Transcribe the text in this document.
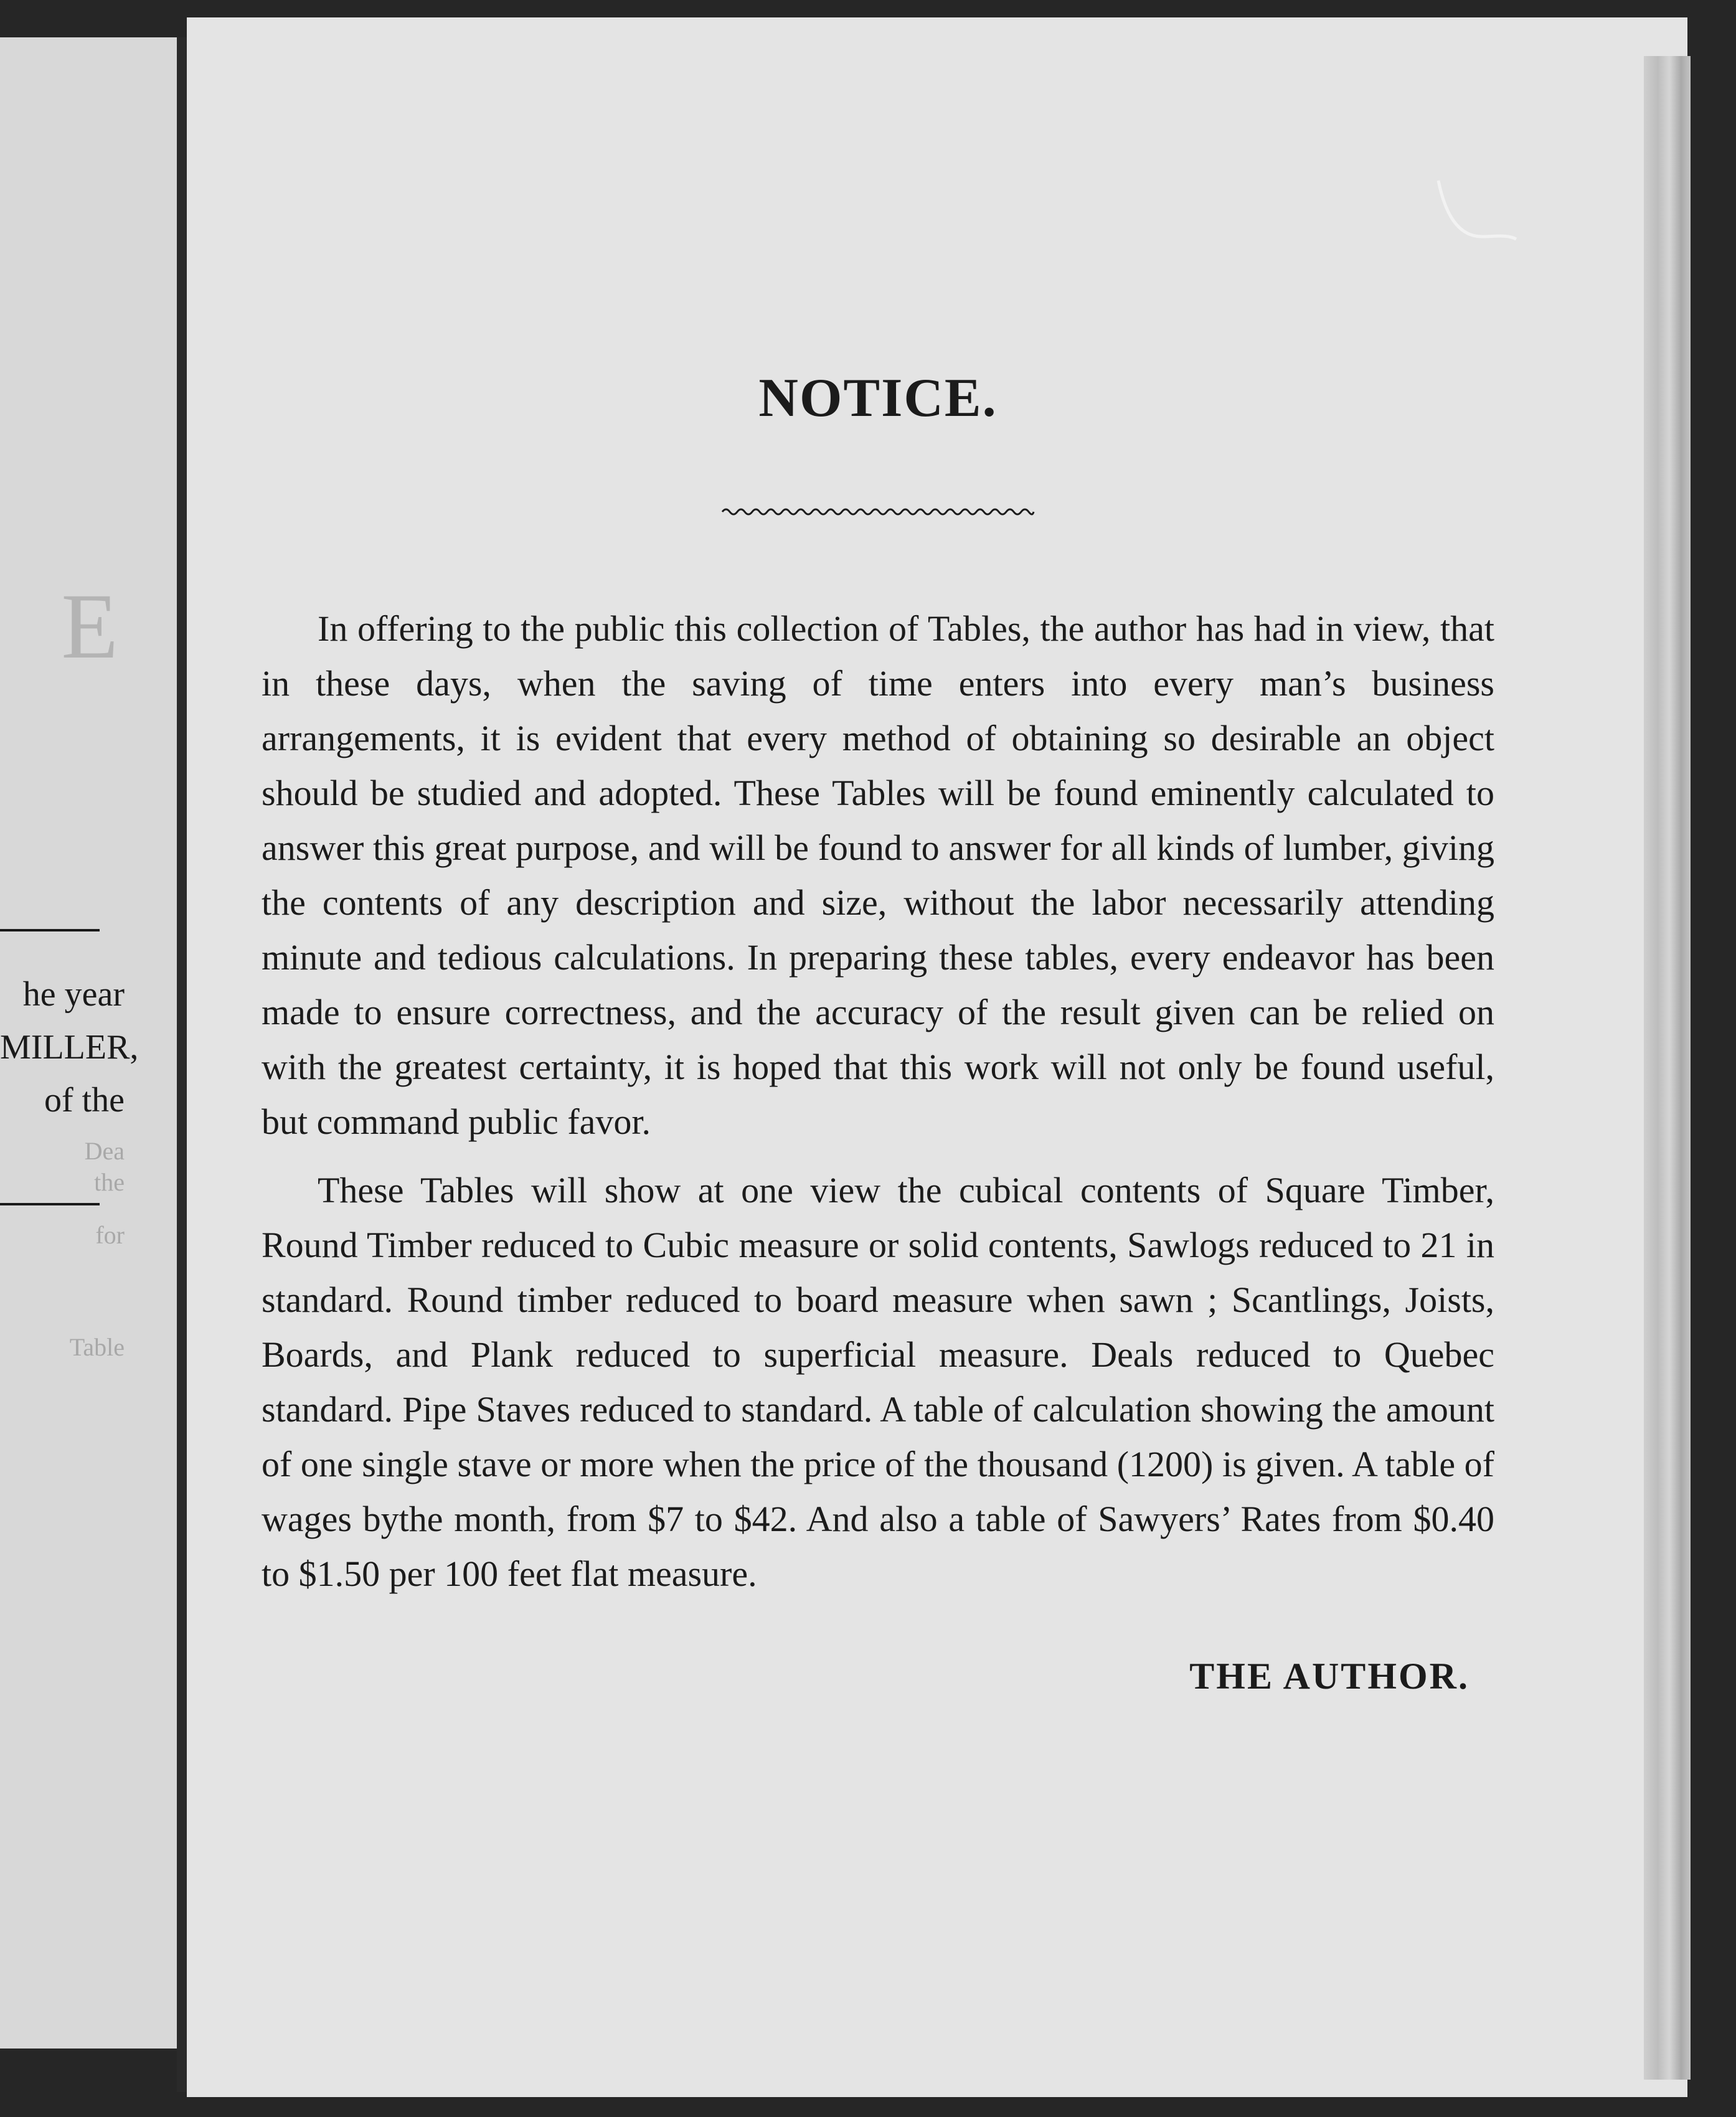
E
he year
MILLER,
of the
Dea
the
for
Table
NOTICE.

In offering to the public this collection of Tables, the author has had in view, that in these days, when the saving of time enters into every man’s business arrangements, it is evident that every method of obtaining so desirable an object should be studied and adopted. These Tables will be found eminently calculated to answer this great purpose, and will be found to answer for all kinds of lumber, giving the contents of any description and size, without the labor necessarily attending minute and tedious calculations. In preparing these tables, every endeavor has been made to ensure correctness, and the accuracy of the result given can be relied on with the greatest certainty, it is hoped that this work will not only be found useful, but command public favor.

These Tables will show at one view the cubical contents of Square Timber, Round Timber reduced to Cubic measure or solid contents, Sawlogs reduced to 21 in standard. Round timber reduced to board measure when sawn ; Scantlings, Joists, Boards, and Plank reduced to superficial measure. Deals reduced to Quebec standard. Pipe Staves reduced to standard. A table of calculation showing the amount of one single stave or more when the price of the thousand (1200) is given. A table of wages bythe month, from $7 to $42. And also a table of Sawyers’ Rates from $0.40 to $1.50 per 100 feet flat measure.

THE AUTHOR.
